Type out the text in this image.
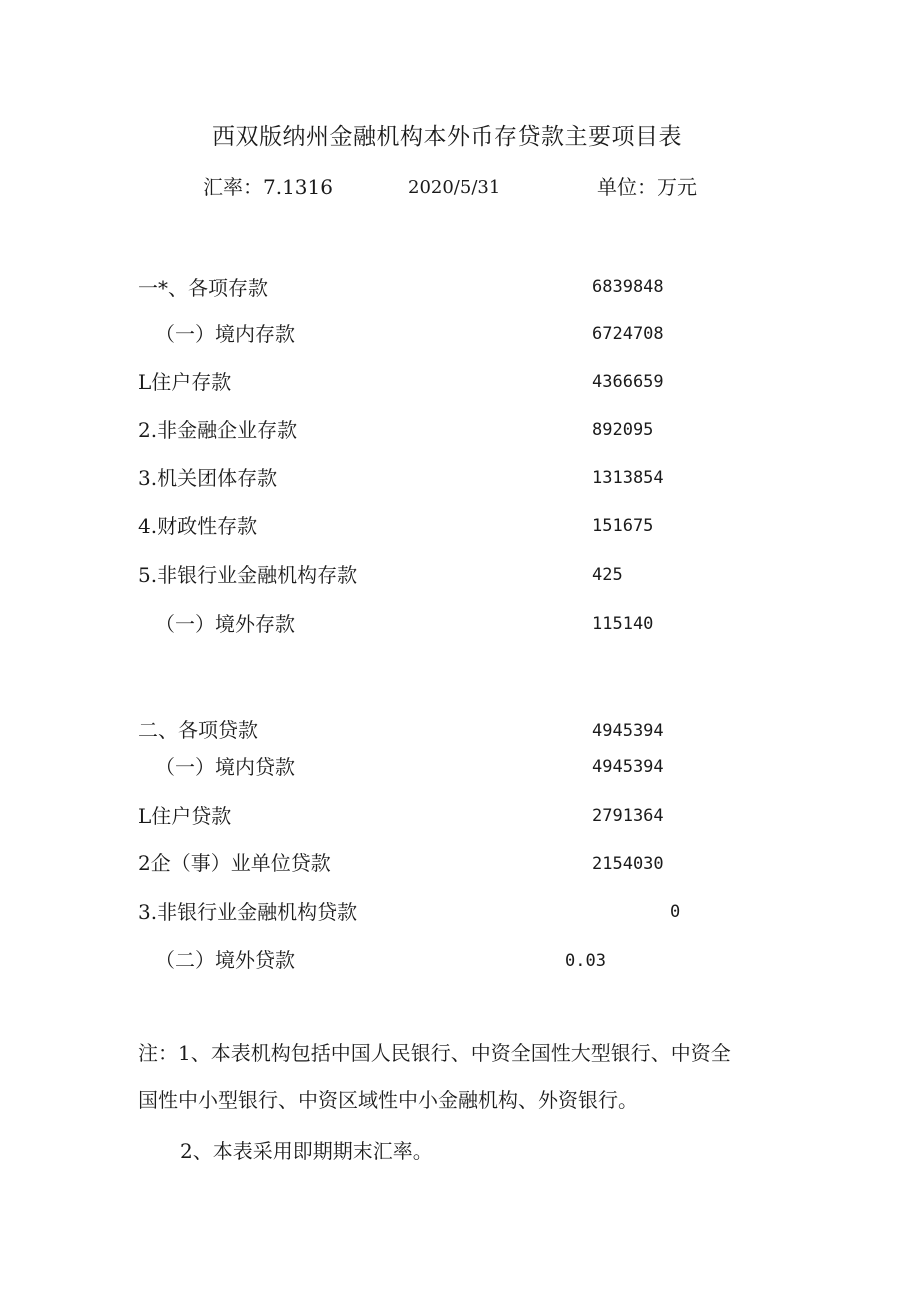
西双版纳州金融机构本外币存贷款主要项目表
汇率：7.1316	2020/5/31	单位：万元
一*、各项存款	6839848
（一）境内存款	6724708
L住户存款	4366659
2.非金融企业存款	892095
3.机关团体存款	1313854
4.财政性存款	151675
5.非银行业金融机构存款	425
（一）境外存款	115140
二、各项贷款	4945394
（一）境内贷款	4945394
L住户贷款	2791364
2企（事）业单位贷款	2154030
3.非银行业金融机构贷款	0
（二）境外贷款	0.03
注：1、本表机构包括中国人民银行、中资全国性大型银行、中资全
国性中小型银行、中资区域性中小金融机构、外资银行。
2、本表采用即期期末汇率。
